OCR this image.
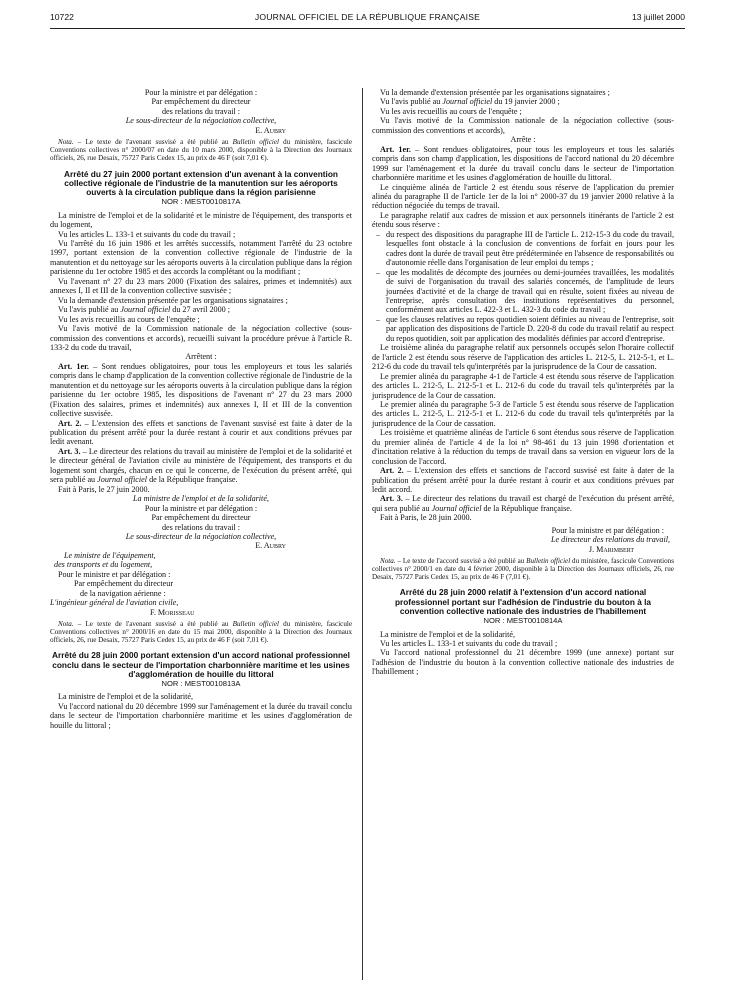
10722	JOURNAL OFFICIEL DE LA RÉPUBLIQUE FRANÇAISE	13 juillet 2000

Pour la ministre et par délégation :

Par empêchement du directeur

des relations du travail :

Le sous-directeur de la négociation collective,

E. Aubry

Nota. – Le texte de l'avenant susvisé a été publié au Bulletin officiel du ministère, fascicule Conventions collectives n° 2000/07 en date du 10 mars 2000, disponible à la Direction des Journaux officiels, 26, rue Desaix, 75727 Paris Cedex 15, au prix de 46 F (soit 7,01 €).

Arrêté du 27 juin 2000 portant extension d'un avenant à la convention collective régionale de l'industrie de la manutention sur les aéroports ouverts à la circulation publique dans la région parisienne

NOR : MEST0010817A

La ministre de l'emploi et de la solidarité et le ministre de l'équipement, des transports et du logement,

Vu les articles L. 133-1 et suivants du code du travail ;

Vu l'arrêté du 16 juin 1986 et les arrêtés successifs, notamment l'arrêté du 23 octobre 1997, portant extension de la convention collective régionale de l'industrie de la manutention et du nettoyage sur les aéroports ouverts à la circulation publique dans la région parisienne du 1er octobre 1985 et des accords la complétant ou la modifiant ;

Vu l'avenant n° 27 du 23 mars 2000 (Fixation des salaires, primes et indemnités) aux annexes I, II et III de la convention collective susvisée ;

Vu la demande d'extension présentée par les organisations signataires ;

Vu l'avis publié au Journal officiel du 27 avril 2000 ;

Vu les avis recueillis au cours de l'enquête ;

Vu l'avis motivé de la Commission nationale de la négociation collective (sous-commission des conventions et accords), recueilli suivant la procédure prévue à l'article R. 133-2 du code du travail,

Arrêtent :

Art. 1er. – Sont rendues obligatoires, pour tous les employeurs et tous les salariés compris dans le champ d'application de la convention collective régionale de l'industrie de la manutention et du nettoyage sur les aéroports ouverts à la circulation publique dans la région parisienne du 1er octobre 1985, les dispositions de l'avenant n° 27 du 23 mars 2000 (Fixation des salaires, primes et indemnités) aux annexes I, II et III de la convention collective susvisée.

Art. 2. – L'extension des effets et sanctions de l'avenant susvisé est faite à dater de la publication du présent arrêté pour la durée restant à courir et aux conditions prévues par ledit avenant.

Art. 3. – Le directeur des relations du travail au ministère de l'emploi et de la solidarité et le directeur général de l'aviation civile au ministère de l'équipement, des transports et du logement sont chargés, chacun en ce qui le concerne, de l'exécution du présent arrêté, qui sera publié au Journal officiel de la République française.

Fait à Paris, le 27 juin 2000.

La ministre de l'emploi et de la solidarité,

Pour la ministre et par délégation :

Par empêchement du directeur

des relations du travail :

Le sous-directeur de la négociation collective,

E. Aubry

Le ministre de l'équipement,

des transports et du logement,

Pour le ministre et par délégation :

Par empêchement du directeur

de la navigation aérienne :

L'ingénieur général de l'aviation civile,

F. Morisseau

Nota. – Le texte de l'avenant susvisé a été publié au Bulletin officiel du ministère, fascicule Conventions collectives n° 2000/16 en date du 15 mai 2000, disponible à la Direction des Journaux officiels, 26, rue Desaix, 75727 Paris Cedex 15, au prix de 46 F (soit 7,01 €).

Arrêté du 28 juin 2000 portant extension d'un accord national professionnel conclu dans le secteur de l'importation charbonnière maritime et les usines d'agglomération de houille du littoral

NOR : MEST0010813A

La ministre de l'emploi et de la solidarité,

Vu l'accord national du 20 décembre 1999 sur l'aménagement et la durée du travail conclu dans le secteur de l'importation charbonnière maritime et les usines d'agglomération de houille du littoral ;

Vu la demande d'extension présentée par les organisations signataires ;

Vu l'avis publié au Journal officiel du 19 janvier 2000 ;

Vu les avis recueillis au cours de l'enquête ;

Vu l'avis motivé de la Commission nationale de la négociation collective (sous-commission des conventions et accords),

Arrête :

Art. 1er. – Sont rendues obligatoires, pour tous les employeurs et tous les salariés compris dans son champ d'application, les dispositions de l'accord national du 20 décembre 1999 sur l'aménagement et la durée du travail conclu dans le secteur de l'importation charbonnière maritime et les usines d'agglomération de houille du littoral.

Le cinquième alinéa de l'article 2 est étendu sous réserve de l'application du premier alinéa du paragraphe II de l'article 1er de la loi n° 2000-37 du 19 janvier 2000 relative à la réduction négociée du temps de travail.

Le paragraphe relatif aux cadres de mission et aux personnels itinérants de l'article 2 est étendu sous réserve :

– du respect des dispositions du paragraphe III de l'article L. 212-15-3 du code du travail, lesquelles font obstacle à la conclusion de conventions de forfait en jours pour les cadres dont la durée de travail peut être prédéterminée en l'absence de responsabilités ou d'autonomie réelle dans l'organisation de leur emploi du temps ;
– que les modalités de décompte des journées ou demi-journées travaillées, les modalités de suivi de l'organisation du travail des salariés concernés, de l'amplitude de leurs journées d'activité et de la charge de travail qui en résulte, soient fixées au niveau de l'entreprise, après consultation des institutions représentatives du personnel, conformément aux articles L. 422-3 et L. 432-3 du code du travail ;
– que les clauses relatives au repos quotidien soient définies au niveau de l'entreprise, soit par application des dispositions de l'article D. 220-8 du code du travail relatif au respect du repos quotidien, soit par application des modalités définies par accord d'entreprise.

Le troisième alinéa du paragraphe relatif aux personnels occupés selon l'horaire collectif de l'article 2 est étendu sous réserve de l'application des articles L. 212-5, L. 212-5-1, et L. 212-6 du code du travail tels qu'interprétés par la jurisprudence de la Cour de cassation.

Le premier alinéa du paragraphe 4-1 de l'article 4 est étendu sous réserve de l'application des articles L. 212-5, L. 212-5-1 et L. 212-6 du code du travail tels qu'interprétés par la jurisprudence de la Cour de cassation.

Le premier alinéa du paragraphe 5-3 de l'article 5 est étendu sous réserve de l'application des articles L. 212-5, L. 212-5-1 et L. 212-6 du code du travail tels qu'interprétés par la jurisprudence de la Cour de cassation.

Les troisième et quatrième alinéas de l'article 6 sont étendus sous réserve de l'application du premier alinéa de l'article 4 de la loi n° 98-461 du 13 juin 1998 d'orientation et d'incitation relative à la réduction du temps de travail dans sa version en vigueur lors de la conclusion de l'accord.

Art. 2. – L'extension des effets et sanctions de l'accord susvisé est faite à dater de la publication du présent arrêté pour la durée restant à courir et aux conditions prévues par ledit accord.

Art. 3. – Le directeur des relations du travail est chargé de l'exécution du présent arrêté, qui sera publié au Journal officiel de la République française.

Fait à Paris, le 28 juin 2000.

Pour la ministre et par délégation :

Le directeur des relations du travail,

J. Marimbert

Nota. – Le texte de l'accord susvisé a été publié au Bulletin officiel du ministère, fascicule Conventions collectives n° 2000/1 en date du 4 février 2000, disponible à la Direction des Journaux officiels, 26, rue Desaix, 75727 Paris Cedex 15, au prix de 46 F (7,01 €).

Arrêté du 28 juin 2000 relatif à l'extension d'un accord national professionnel portant sur l'adhésion de l'industrie du bouton à la convention collective nationale des industries de l'habillement

NOR : MEST0010814A

La ministre de l'emploi et de la solidarité,

Vu les articles L. 133-1 et suivants du code du travail ;

Vu l'accord national professionnel du 21 décembre 1999 (une annexe) portant sur l'adhésion de l'industrie du bouton à la convention collective nationale des industries de l'habillement ;
